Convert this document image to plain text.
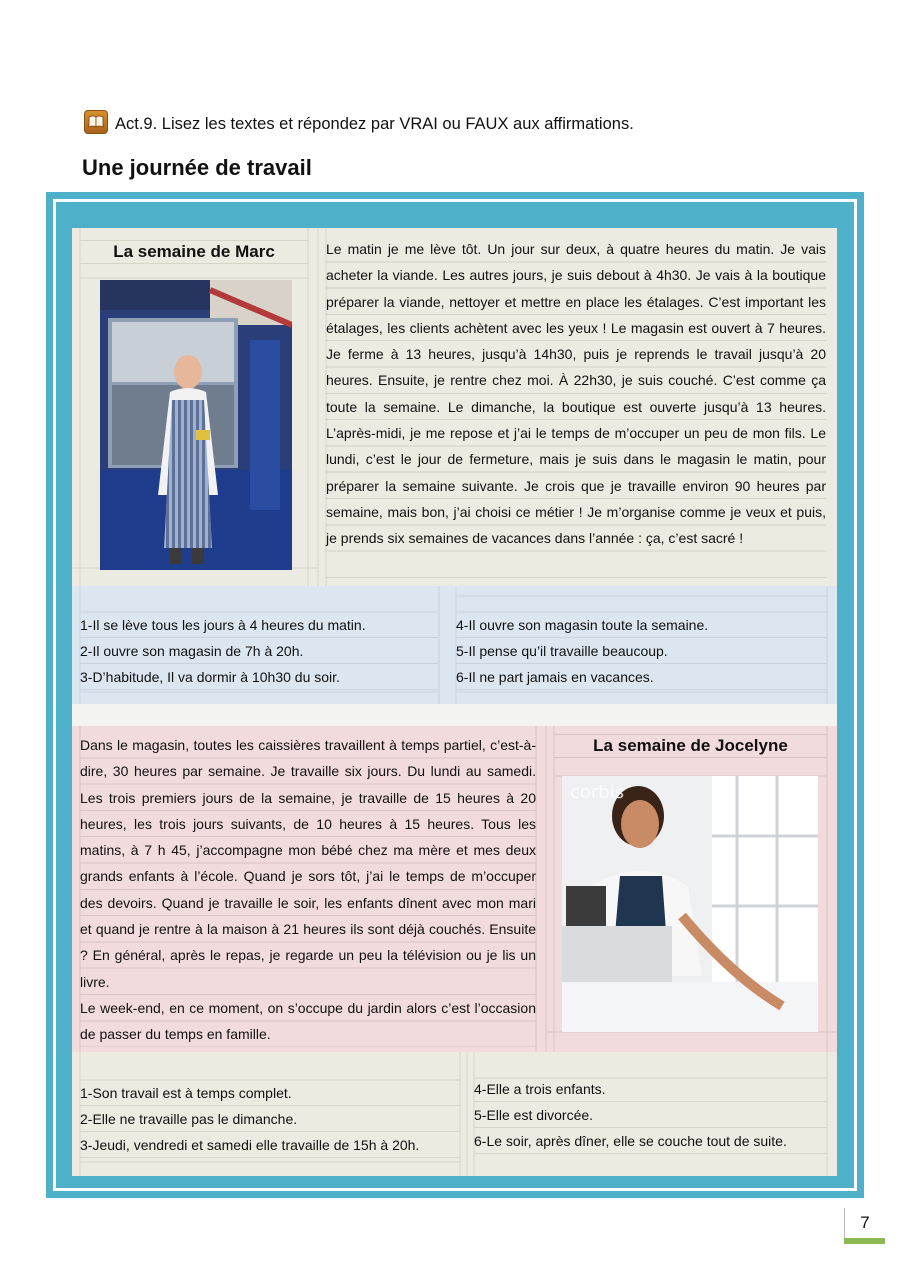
Act.9. Lisez les textes et répondez par VRAI ou FAUX aux affirmations.
Une journée de travail
La semaine de Marc	Le matin je me lève tôt. Un jour sur deux, à quatre heures du matin. Je vais acheter la viande. Les autres jours, je suis debout à 4h30. Je vais à la boutique préparer la viande, nettoyer et mettre en place les étalages. C’est important les étalages, les clients achètent avec les yeux ! Le magasin est ouvert à 7 heures. Je ferme à 13 heures, jusqu’à 14h30, puis je reprends le travail jusqu’à 20 heures. Ensuite, je rentre chez moi. À 22h30, je suis couché. C’est comme ça toute la semaine. Le dimanche, la boutique est ouverte jusqu’à 13 heures. L’après-midi, je me repose et j’ai le temps de m’occuper un peu de mon fils. Le lundi, c’est le jour de fermeture, mais je suis dans le magasin le matin, pour préparer la semaine suivante. Je crois que je travaille environ 90 heures par semaine, mais bon, j’ai choisi ce métier ! Je m’organise comme je veux et puis, je prends six semaines de vacances dans l’année : ça, c’est sacré !
1-Il se lève tous les jours à 4 heures du matin.
2-Il ouvre son magasin de 7h à 20h.
3-D’habitude, Il va dormir à 10h30 du soir.
4-Il ouvre son magasin toute la semaine.
5-Il pense qu’il travaille beaucoup.
6-Il ne part jamais en vacances.
Dans le magasin, toutes les caissières travaillent à temps partiel, c’est-à-dire, 30 heures par semaine. Je travaille six jours. Du lundi au samedi. Les trois premiers jours de la semaine, je travaille de 15 heures à 20 heures, les trois jours suivants, de 10 heures à 15 heures. Tous les matins, à 7 h 45, j’accompagne mon bébé chez ma mère et mes deux grands enfants à l’école. Quand je sors tôt, j’ai le temps de m’occuper des devoirs. Quand je travaille le soir, les enfants dînent avec mon mari et quand je rentre à la maison à 21 heures ils sont déjà couchés. Ensuite ? En général, après le repas, je regarde un peu la télévision ou je lis un livre.
Le week-end, en ce moment, on s’occupe du jardin alors c’est l’occasion de passer du temps en famille.
La semaine de Jocelyne
corbis
1-Son travail est à temps complet.
2-Elle ne travaille pas le dimanche.
3-Jeudi, vendredi et samedi elle travaille de 15h à 20h.
4-Elle a trois enfants.
5-Elle est divorcée.
6-Le soir, après dîner, elle se couche tout de suite.
7
